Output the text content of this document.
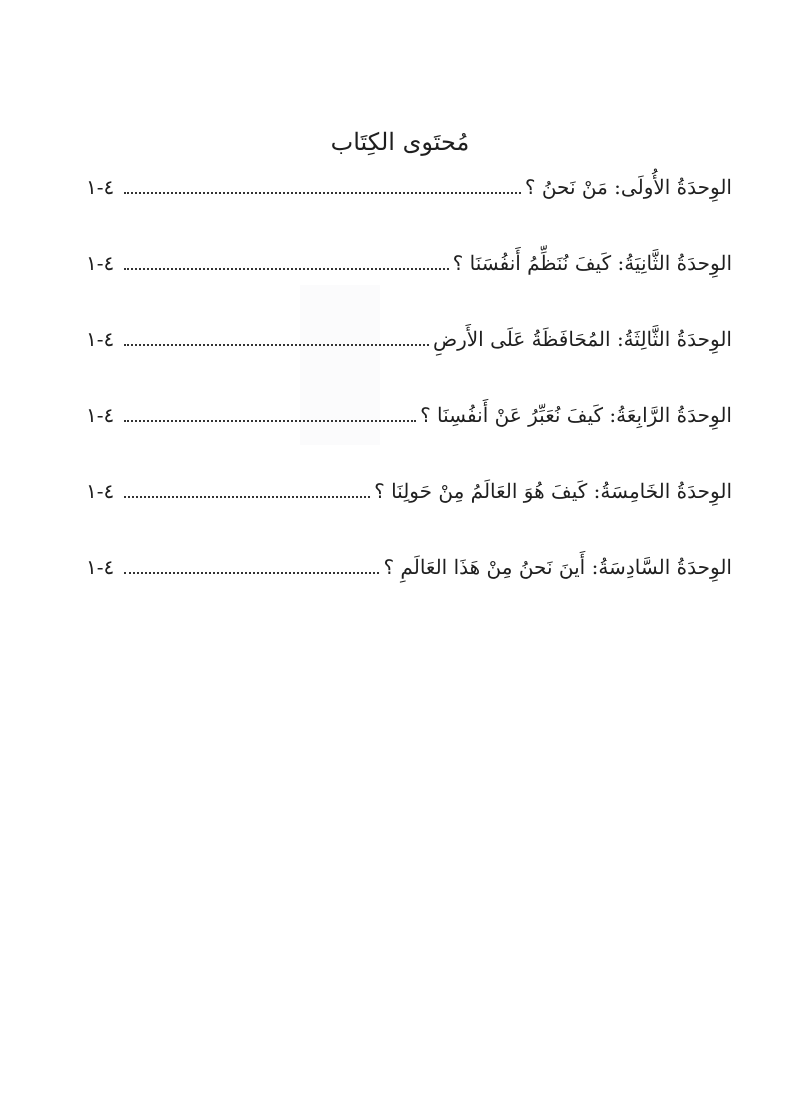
مُحتَوى الكِتَاب
٤-١	الوِحدَةُ الأُولَى: مَنْ نَحنُ ؟
٤-١	الوِحدَةُ الثَّانِيَةُ: كَيفَ نُنَظِّمُ أَنفُسَنَا ؟
٤-١	الوِحدَةُ الثَّالِثَةُ: المُحَافَظَةُ عَلَى الأَرضِ
٤-١	الوِحدَةُ الرَّابِعَةُ: كَيفَ نُعَبِّرُ عَنْ أَنفُسِنَا ؟
٤-١	الوِحدَةُ الخَامِسَةُ: كَيفَ هُوَ العَالَمُ مِنْ حَولِنَا ؟
٤-١	الوِحدَةُ السَّادِسَةُ: أَينَ نَحنُ مِنْ هَذَا العَالَمِ ؟
